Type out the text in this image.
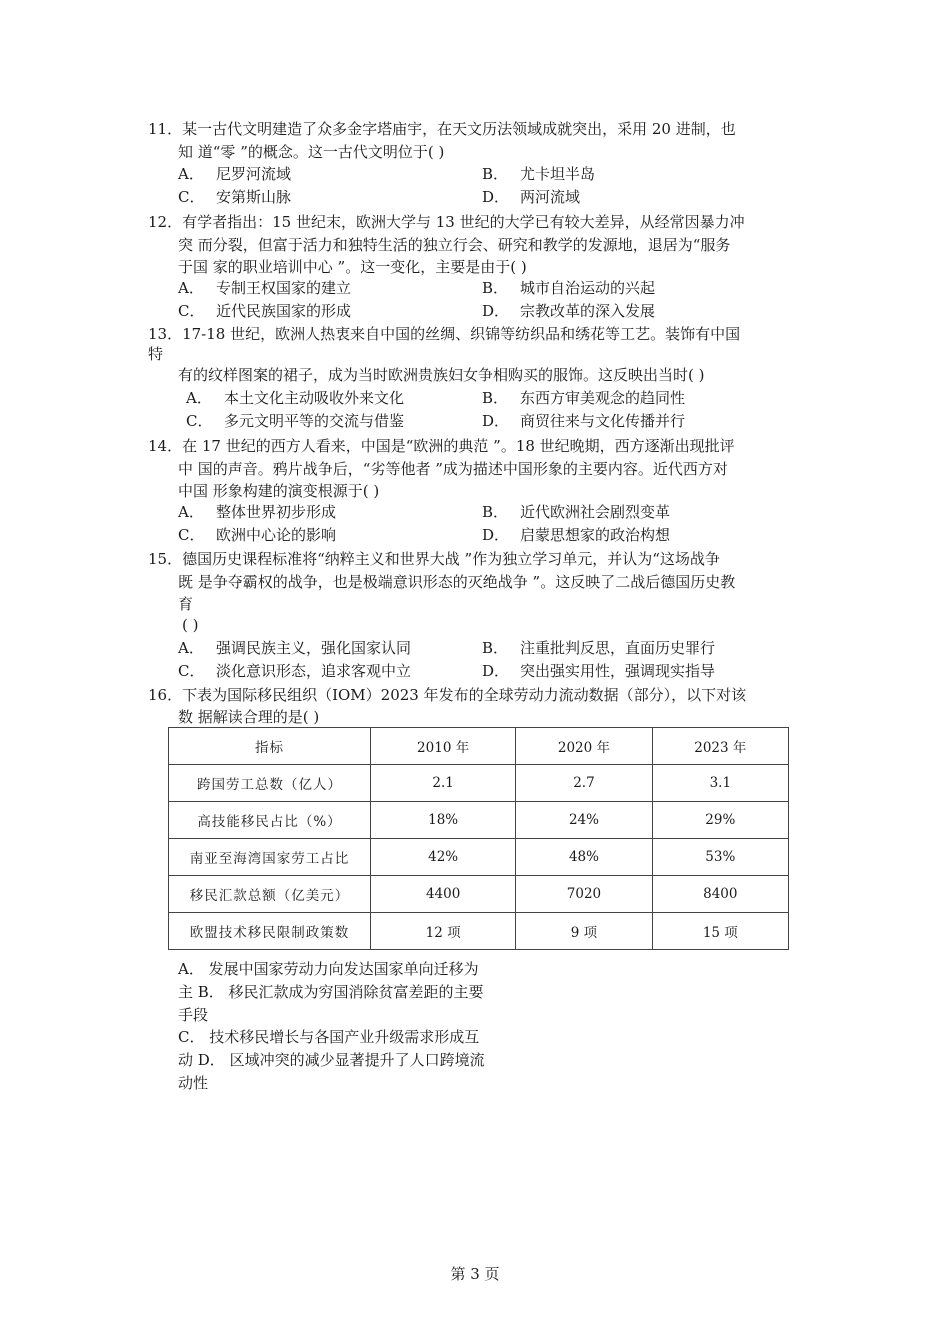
11．某一古代文明建造了众多金字塔庙宇，在天文历法领域成就突出，采用 20 进制，也
知 道“零 ”的概念。这一古代文明位于( )
A． 尼罗河流域	B． 尤卡坦半岛
C． 安第斯山脉	D． 两河流域
12．有学者指出：15 世纪末，欧洲大学与 13 世纪的大学已有较大差异，从经常因暴力冲
突 而分裂，但富于活力和独特生活的独立行会、研究和教学的发源地，退居为“服务
于国 家的职业培训中心 ”。这一变化，主要是由于( )
A． 专制王权国家的建立	B． 城市自治运动的兴起
C． 近代民族国家的形成	D． 宗教改革的深入发展
13．17-18 世纪，欧洲人热衷来自中国的丝绸、织锦等纺织品和绣花等工艺。装饰有中国
特
有的纹样图案的裙子，成为当时欧洲贵族妇女争相购买的服饰。这反映出当时( )
A． 本土文化主动吸收外来文化	B． 东西方审美观念的趋同性
C． 多元文明平等的交流与借鉴	D． 商贸往来与文化传播并行
14．在 17 世纪的西方人看来，中国是“欧洲的典范 ”。18 世纪晚期，西方逐渐出现批评
中 国的声音。鸦片战争后，“劣等他者 ”成为描述中国形象的主要内容。近代西方对
中国 形象构建的演变根源于( )
A． 整体世界初步形成	B． 近代欧洲社会剧烈变革
C． 欧洲中心论的影响	D． 启蒙思想家的政治构想
15．德国历史课程标准将“纳粹主义和世界大战 ”作为独立学习单元，并认为“这场战争
既 是争夺霸权的战争，也是极端意识形态的灭绝战争 ”。这反映了二战后德国历史教
育
( )
A． 强调民族主义，强化国家认同	B． 注重批判反思，直面历史罪行
C． 淡化意识形态，追求客观中立	D． 突出强实用性，强调现实指导
16．下表为国际移民组织（IOM）2023 年发布的全球劳动力流动数据（部分），以下对该
数 据解读合理的是( )
指标	2010 年	2020 年	2023 年
跨国劳工总数（亿人）	2.1	2.7	3.1
高技能移民占比（%）	18%	24%	29%
南亚至海湾国家劳工占比	42%	48%	53%
移民汇款总额（亿美元）	4400	7020	8400
欧盟技术移民限制政策数	12 项	9 项	15 项
A． 发展中国家劳动力向发达国家单向迁移为
主 B． 移民汇款成为穷国消除贫富差距的主要
手段
C． 技术移民增长与各国产业升级需求形成互
动 D． 区域冲突的减少显著提升了人口跨境流
动性
第 3 页
